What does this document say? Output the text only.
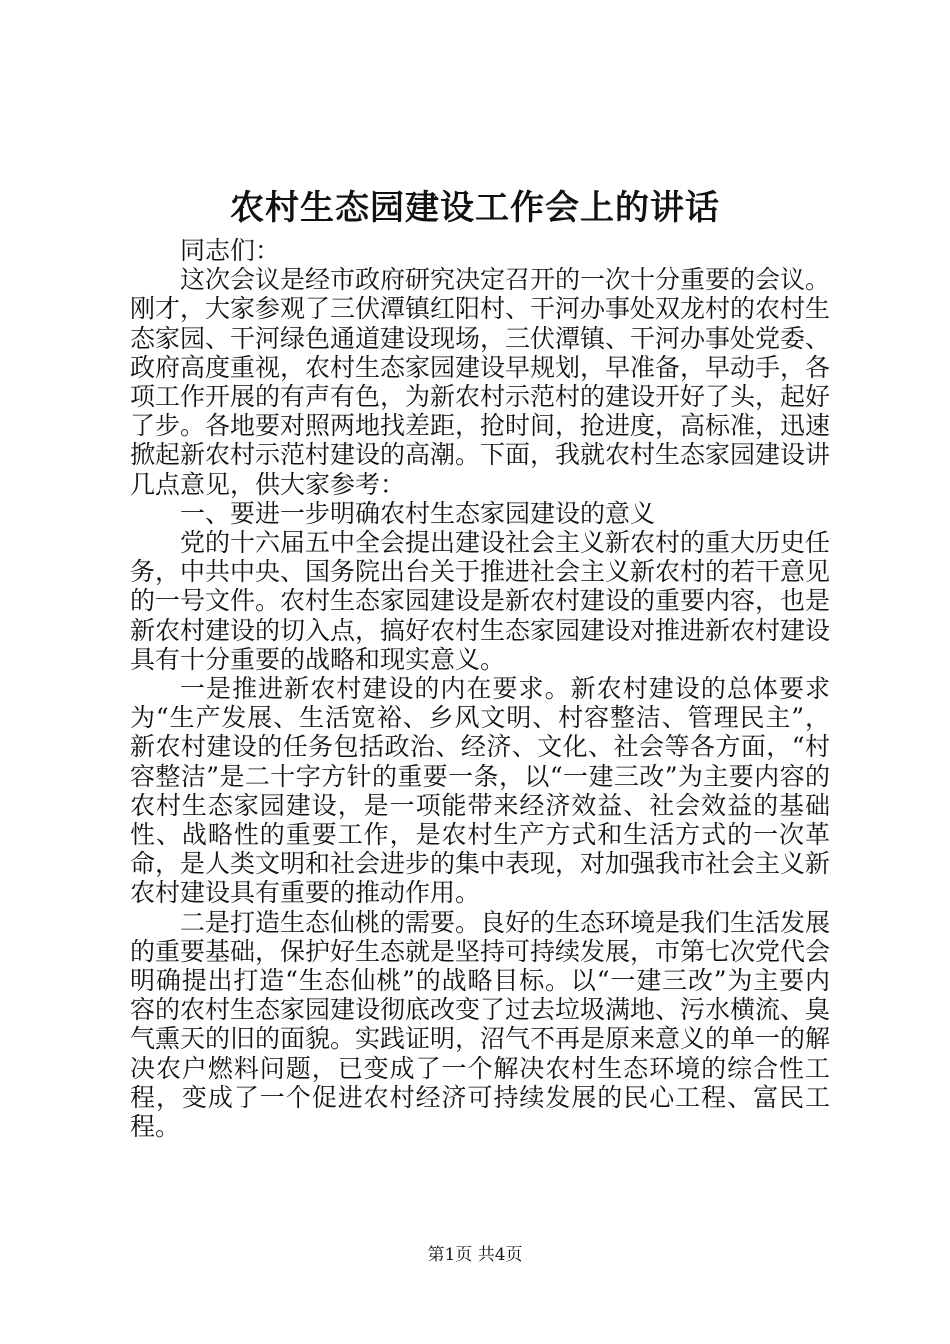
农村生态园建设工作会上的讲话

同志们：

这次会议是经市政府研究决定召开的一次十分重要的会议。刚才，大家参观了三伏潭镇红阳村、干河办事处双龙村的农村生态家园、干河绿色通道建设现场，三伏潭镇、干河办事处党委、政府高度重视，农村生态家园建设早规划，早准备，早动手，各项工作开展的有声有色，为新农村示范村的建设开好了头，起好了步。各地要对照两地找差距，抢时间，抢进度，高标准，迅速掀起新农村示范村建设的高潮。下面，我就农村生态家园建设讲几点意见，供大家参考：

一、要进一步明确农村生态家园建设的意义

党的十六届五中全会提出建设社会主义新农村的重大历史任务，中共中央、国务院出台关于推进社会主义新农村的若干意见的一号文件。农村生态家园建设是新农村建设的重要内容，也是新农村建设的切入点，搞好农村生态家园建设对推进新农村建设具有十分重要的战略和现实意义。

一是推进新农村建设的内在要求。新农村建设的总体要求为“生产发展、生活宽裕、乡风文明、村容整洁、管理民主”，新农村建设的任务包括政治、经济、文化、社会等各方面，“村容整洁”是二十字方针的重要一条，以“一建三改”为主要内容的农村生态家园建设，是一项能带来经济效益、社会效益的基础性、战略性的重要工作，是农村生产方式和生活方式的一次革命，是人类文明和社会进步的集中表现，对加强我市社会主义新农村建设具有重要的推动作用。

二是打造生态仙桃的需要。良好的生态环境是我们生活发展的重要基础，保护好生态就是坚持可持续发展，市第七次党代会明确提出打造“生态仙桃”的战略目标。以“一建三改”为主要内容的农村生态家园建设彻底改变了过去垃圾满地、污水横流、臭气熏天的旧的面貌。实践证明，沼气不再是原来意义的单一的解决农户燃料问题，已变成了一个解决农村生态环境的综合性工程，变成了一个促进农村经济可持续发展的民心工程、富民工程。

第1页 共4页
